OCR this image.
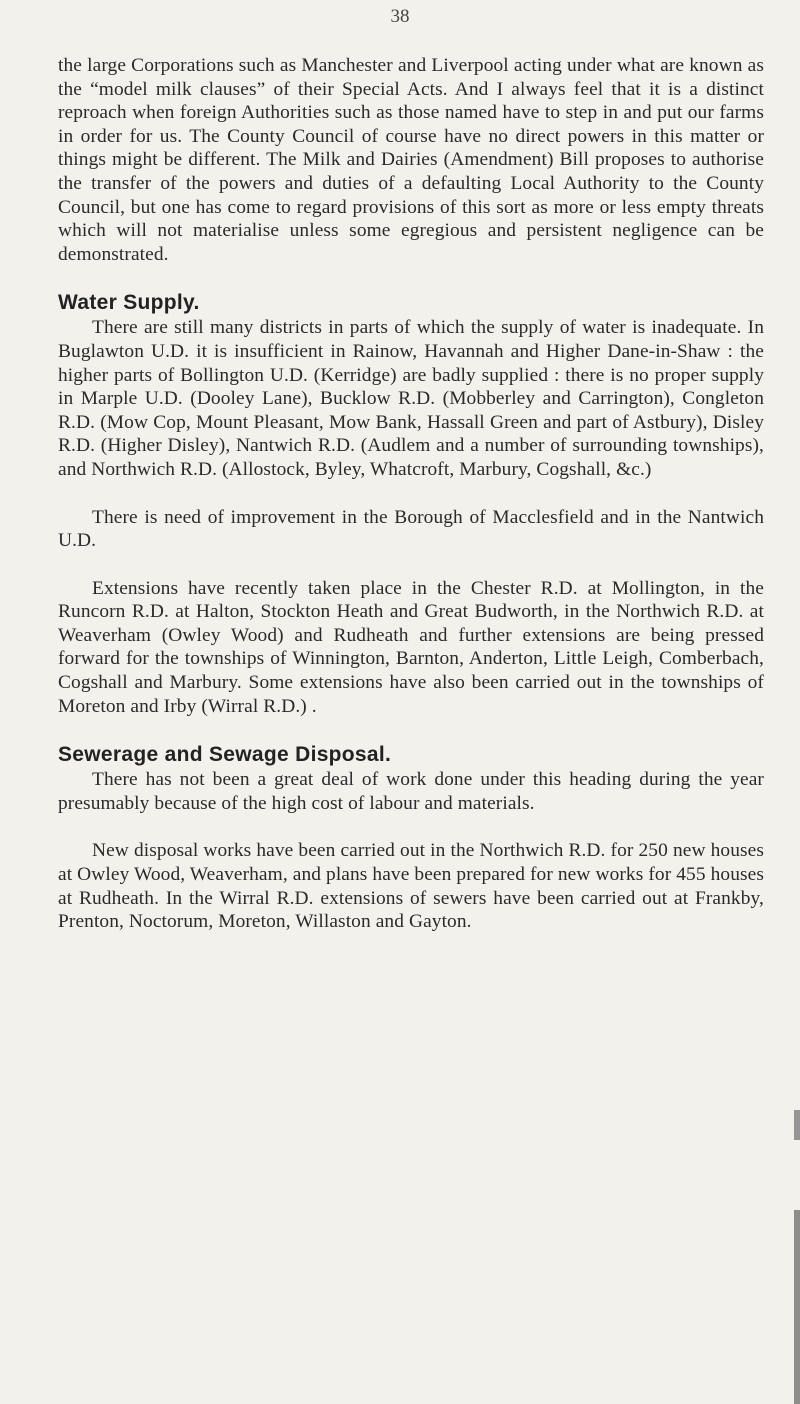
38

the large Corporations such as Manchester and Liverpool acting under what are known as the “model milk clauses” of their Special Acts. And I always feel that it is a distinct reproach when foreign Authorities such as those named have to step in and put our farms in order for us. The County Council of course have no direct powers in this matter or things might be different. The Milk and Dairies (Amendment) Bill proposes to authorise the transfer of the powers and duties of a defaulting Local Authority to the County Council, but one has come to regard provisions of this sort as more or less empty threats which will not materialise unless some egregious and persistent negligence can be demonstrated.

Water Supply.

There are still many districts in parts of which the supply of water is inadequate. In Buglawton U.D. it is insufficient in Rainow, Havannah and Higher Dane-in-Shaw : the higher parts of Bollington U.D. (Kerridge) are badly supplied : there is no proper supply in Marple U.D. (Dooley Lane), Bucklow R.D. (Mobberley and Carrington), Congleton R.D. (Mow Cop, Mount Pleasant, Mow Bank, Hassall Green and part of Astbury), Disley R.D. (Higher Disley), Nantwich R.D. (Audlem and a number of surrounding townships), and Northwich R.D. (Allostock, Byley, Whatcroft, Marbury, Cogshall, &c.)

There is need of improvement in the Borough of Macclesfield and in the Nantwich U.D.

Extensions have recently taken place in the Chester R.D. at Mollington, in the Runcorn R.D. at Halton, Stockton Heath and Great Budworth, in the Northwich R.D. at Weaverham (Owley Wood) and Rudheath and further extensions are being pressed forward for the townships of Winnington, Barnton, Anderton, Little Leigh, Comberbach, Cogshall and Marbury. Some extensions have also been carried out in the townships of Moreton and Irby (Wirral R.D.) .

Sewerage and Sewage Disposal.

There has not been a great deal of work done under this heading during the year presumably because of the high cost of labour and materials.

New disposal works have been carried out in the Northwich R.D. for 250 new houses at Owley Wood, Weaverham, and plans have been prepared for new works for 455 houses at Rudheath. In the Wirral R.D. extensions of sewers have been carried out at Frankby, Prenton, Noctorum, Moreton, Willaston and Gayton.
